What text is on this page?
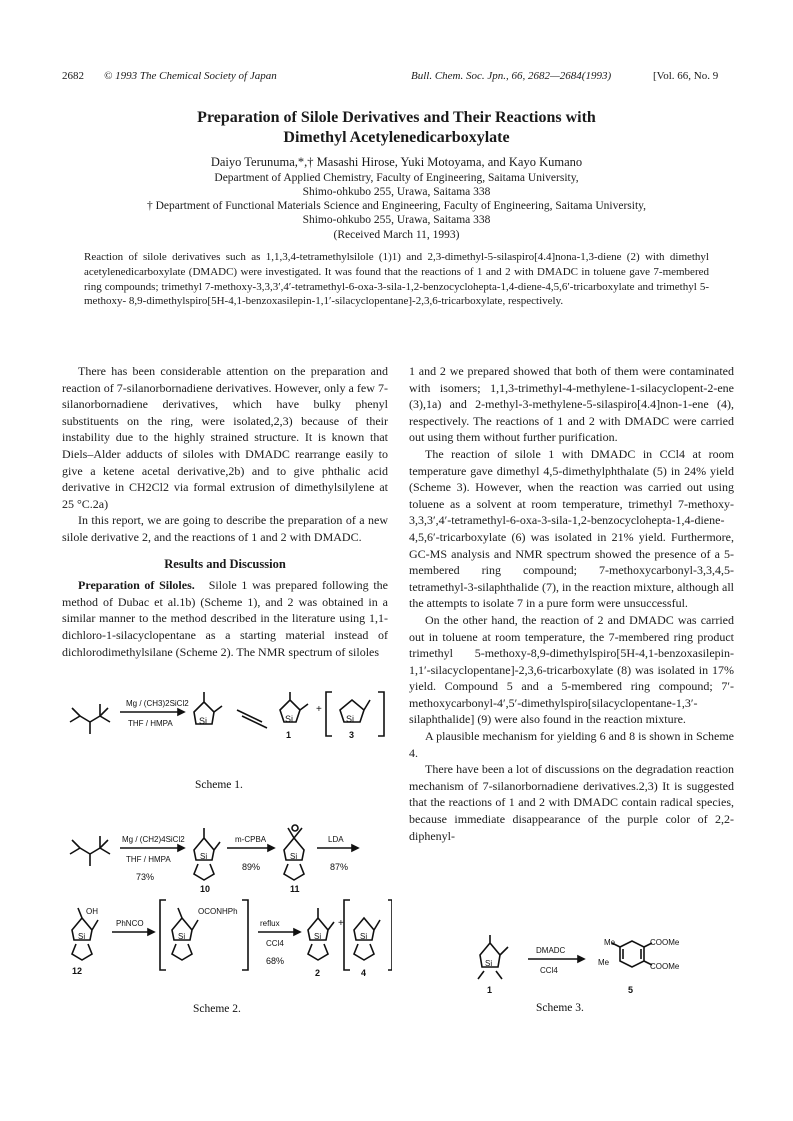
2682 © 1993 The Chemical Society of Japan	Bull. Chem. Soc. Jpn., 66, 2682—2684(1993)	[Vol. 66, No. 9
Preparation of Silole Derivatives and Their Reactions with
Dimethyl Acetylenedicarboxylate
Daiyo Terunuma,*,† Masashi Hirose, Yuki Motoyama, and Kayo Kumano
Department of Applied Chemistry, Faculty of Engineering, Saitama University,
Shimo-ohkubo 255, Urawa, Saitama 338
† Department of Functional Materials Science and Engineering, Faculty of Engineering, Saitama University,
Shimo-ohkubo 255, Urawa, Saitama 338
(Received March 11, 1993)
Reaction of silole derivatives such as 1,1,3,4-tetramethylsilole (1)1) and 2,3-dimethyl-5-silaspiro[4.4]nona-1,3-diene (2) with dimethyl acetylenedicarboxylate (DMADC) were investigated. It was found that the reactions of 1 and 2 with DMADC in toluene gave 7-membered ring compounds; trimethyl 7-methoxy-3,3,3′,4′-tetramethyl-6-oxa-3-sila-1,2-benzocyclohepta-1,4-diene-4,5,6′-tricarboxylate and trimethyl 5-methoxy- 8,9-dimethylspiro[5H-4,1-benzoxasilepin-1,1′-silacyclopentane]-2,3,6-tricarboxylate, respectively.

There has been considerable attention on the preparation and reaction of 7-silanorbornadiene derivatives. However, only a few 7-silanorbornadiene derivatives, which have bulky phenyl substituents on the ring, were isolated,2,3) because of their instability due to the highly strained structure. It is known that Diels–Alder adducts of siloles with DMADC rearrange easily to give a ketene acetal derivative,2b) and to give phthalic acid derivative in CH2Cl2 via formal extrusion of dimethylsilylene at 25 °C.2a)

In this report, we are going to describe the preparation of a new silole derivative 2, and the reactions of 1 and 2 with DMADC.

Results and Discussion

Preparation of Siloles. Silole 1 was prepared following the method of Dubac et al.1b) (Scheme 1), and 2 was obtained in a similar manner to the method described in the literature using 1,1-dichloro-1-silacyclopentane as a starting material instead of dichlorodimethylsilane (Scheme 2). The NMR spectrum of siloles

1 and 2 we prepared showed that both of them were contaminated with isomers; 1,1,3-trimethyl-4-methylene-1-silacyclopent-2-ene (3),1a) and 2-methyl-3-methylene-5-silaspiro[4.4]non-1-ene (4), respectively. The reactions of 1 and 2 with DMADC were carried out using them without further purification.

The reaction of silole 1 with DMADC in CCl4 at room temperature gave dimethyl 4,5-dimethylphthalate (5) in 24% yield (Scheme 3). However, when the reaction was carried out using toluene as a solvent at room temperature, trimethyl 7-methoxy-3,3,3′,4′-tetramethyl-6-oxa-3-sila-1,2-benzocyclohepta-1,4-diene-4,5,6′-tricarboxylate (6) was isolated in 21% yield. Furthermore, GC-MS analysis and NMR spectrum showed the presence of a 5-membered ring compound; 7-methoxycarbonyl-3,3,4,5-tetramethyl-3-silaphthalide (7), in the reaction mixture, although all the attempts to isolate 7 in a pure form were unsuccessful.

On the other hand, the reaction of 2 and DMADC was carried out in toluene at room temperature, the 7-membered ring product trimethyl 5-methoxy-8,9-dimethylspiro[5H-4,1-benzoxasilepin-1,1′-silacyclopentane]-2,3,6-tricarboxylate (8) was isolated in 17% yield. Compound 5 and a 5-membered ring compound; 7′-methoxycarbonyl-4′,5′-dimethylspiro[silacyclopentane-1,3′-silaphthalide] (9) were also found in the reaction mixture.

A plausible mechanism for yielding 6 and 8 is shown in Scheme 4.

There have been a lot of discussions on the degradation reaction mechanism of 7-silanorbornadiene derivatives.2,3) It is suggested that the reactions of 1 and 2 with DMADC contain radical species, because immediate disappearance of the purple color of 2,2-diphenyl-

Mg / (CH3)2SiCl2
THF / HMPA	Si	Si	Si
1
+
3
Scheme 1.
Mg / (CH2)4SiCl2
THF / HMPA
73%
Si
10
m-CPBA
89%
Si
11
LDA
87%
OH
Si
12
PhNCO
OCONHPh
Si
reflux
CCl4
68%
Si
2
+
Si
4
Scheme 2.
Si
1
DMADC
CCl4
Me
Me
COOMe
COOMe
5
Scheme 3.
